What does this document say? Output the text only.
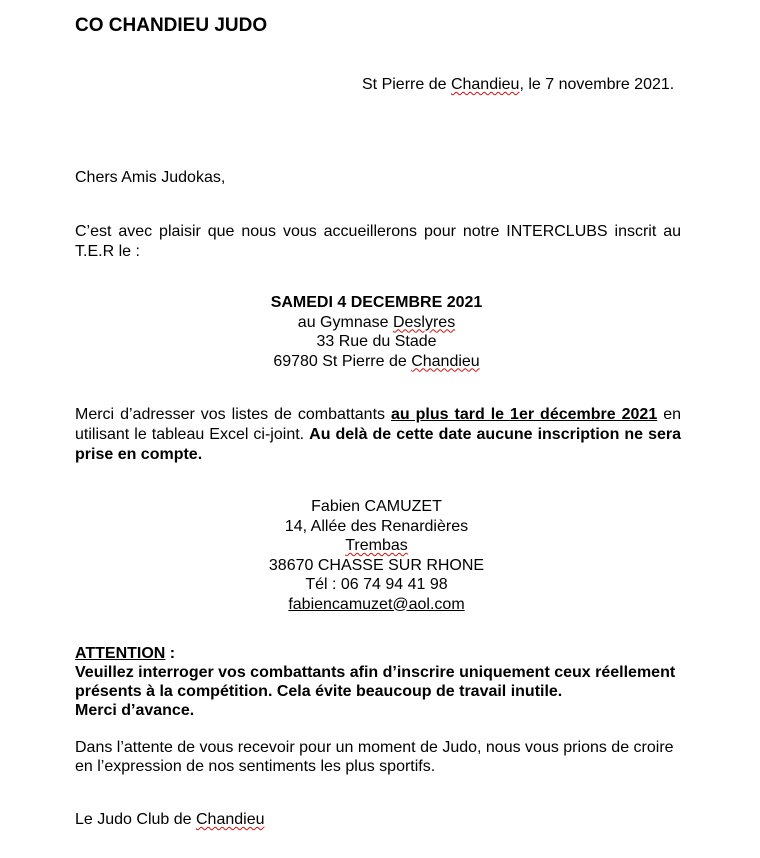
CO CHANDIEU JUDO
St Pierre de Chandieu, le 7 novembre 2021.
Chers Amis Judokas,
C’est avec plaisir que nous vous accueillerons pour notre INTERCLUBS inscrit au
T.E.R le :
SAMEDI 4 DECEMBRE 2021
au Gymnase Deslyres
33 Rue du Stade
69780 St Pierre de Chandieu
Merci d’adresser vos listes de combattants au plus tard le 1er décembre 2021 en
utilisant le tableau Excel ci-joint. Au delà de cette date aucune inscription ne sera
prise en compte.
Fabien CAMUZET
14, Allée des Renardières
Trembas
38670 CHASSE SUR RHONE
Tél : 06 74 94 41 98
fabiencamuzet@aol.com
ATTENTION :
Veuillez interroger vos combattants afin d’inscrire uniquement ceux réellement
présents à la compétition. Cela évite beaucoup de travail inutile.
Merci d’avance.
Dans l’attente de vous recevoir pour un moment de Judo, nous vous prions de croire
en l’expression de nos sentiments les plus sportifs.
Le Judo Club de Chandieu
